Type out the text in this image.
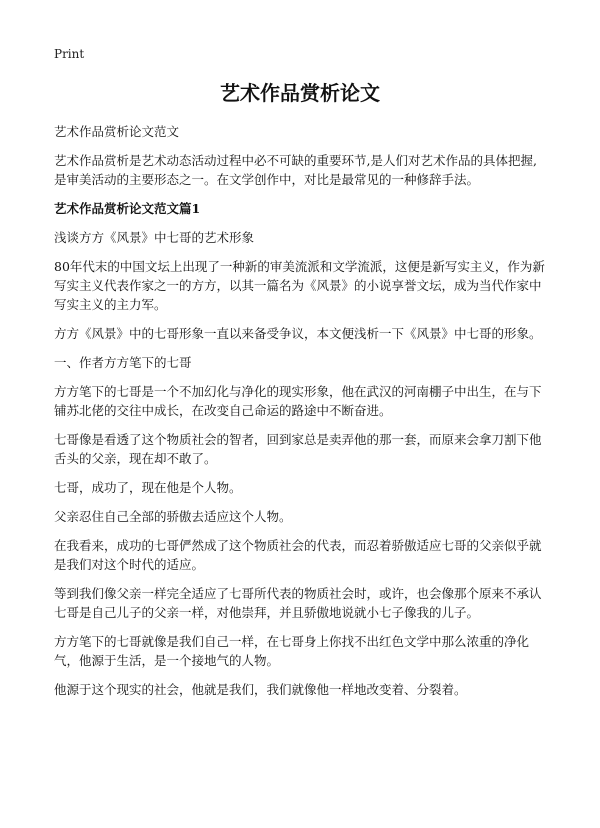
Print
艺术作品赏析论文

艺术作品赏析论文范文

艺术作品赏析是艺术动态活动过程中必不可缺的重要环节,是人们对艺术作品的具体把握,是审美活动的主要形态之一。在文学创作中，对比是最常见的一种修辞手法。

艺术作品赏析论文范文篇1

浅谈方方《风景》中七哥的艺术形象

80年代末的中国文坛上出现了一种新的审美流派和文学流派，这便是新写实主义，作为新写实主义代表作家之一的方方，以其一篇名为《风景》的小说享誉文坛，成为当代作家中写实主义的主力军。

方方《风景》中的七哥形象一直以来备受争议，本文便浅析一下《风景》中七哥的形象。

一、作者方方笔下的七哥

方方笔下的七哥是一个不加幻化与净化的现实形象，他在武汉的河南棚子中出生，在与下铺苏北佬的交往中成长，在改变自己命运的路途中不断奋进。

七哥像是看透了这个物质社会的智者，回到家总是卖弄他的那一套，而原来会拿刀割下他舌头的父亲，现在却不敢了。

七哥，成功了，现在他是个人物。

父亲忍住自己全部的骄傲去适应这个人物。

在我看来，成功的七哥俨然成了这个物质社会的代表，而忍着骄傲适应七哥的父亲似乎就是我们对这个时代的适应。

等到我们像父亲一样完全适应了七哥所代表的物质社会时，或许，也会像那个原来不承认七哥是自己儿子的父亲一样，对他崇拜，并且骄傲地说就小七子像我的儿子。

方方笔下的七哥就像是我们自己一样，在七哥身上你找不出红色文学中那么浓重的净化气，他源于生活，是一个接地气的人物。

他源于这个现实的社会，他就是我们，我们就像他一样地改变着、分裂着。
